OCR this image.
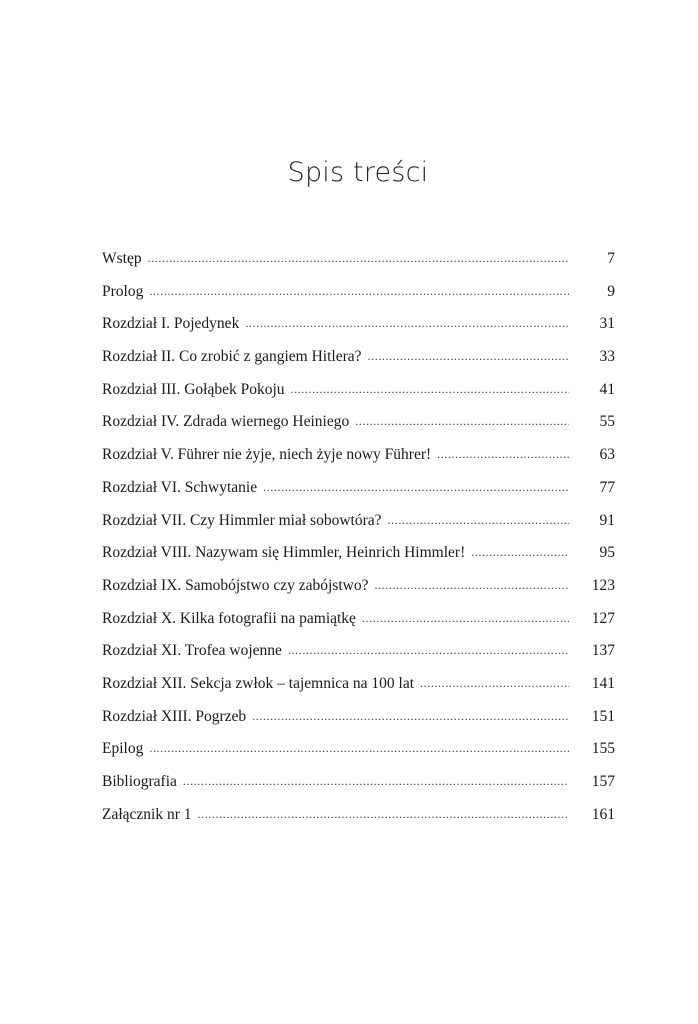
Spis treści
Wstęp .....	7
Prolog .....	9
Rozdział I. Pojedynek .....	31
Rozdział II. Co zrobić z gangiem Hitlera? .....	33
Rozdział III. Gołąbek Pokoju .....	41
Rozdział IV. Zdrada wiernego Heiniego .....	55
Rozdział V. Führer nie żyje, niech żyje nowy Führer! .....	63
Rozdział VI. Schwytanie .....	77
Rozdział VII. Czy Himmler miał sobowtóra? .....	91
Rozdział VIII. Nazywam się Himmler, Heinrich Himmler! .....	95
Rozdział IX. Samobójstwo czy zabójstwo? .....	123
Rozdział X. Kilka fotografii na pamiątkę .....	127
Rozdział XI. Trofea wojenne .....	137
Rozdział XII. Sekcja zwłok – tajemnica na 100 lat .....	141
Rozdział XIII. Pogrzeb .....	151
Epilog .....	155
Bibliografia .....	157
Załącznik nr 1 .....	161
